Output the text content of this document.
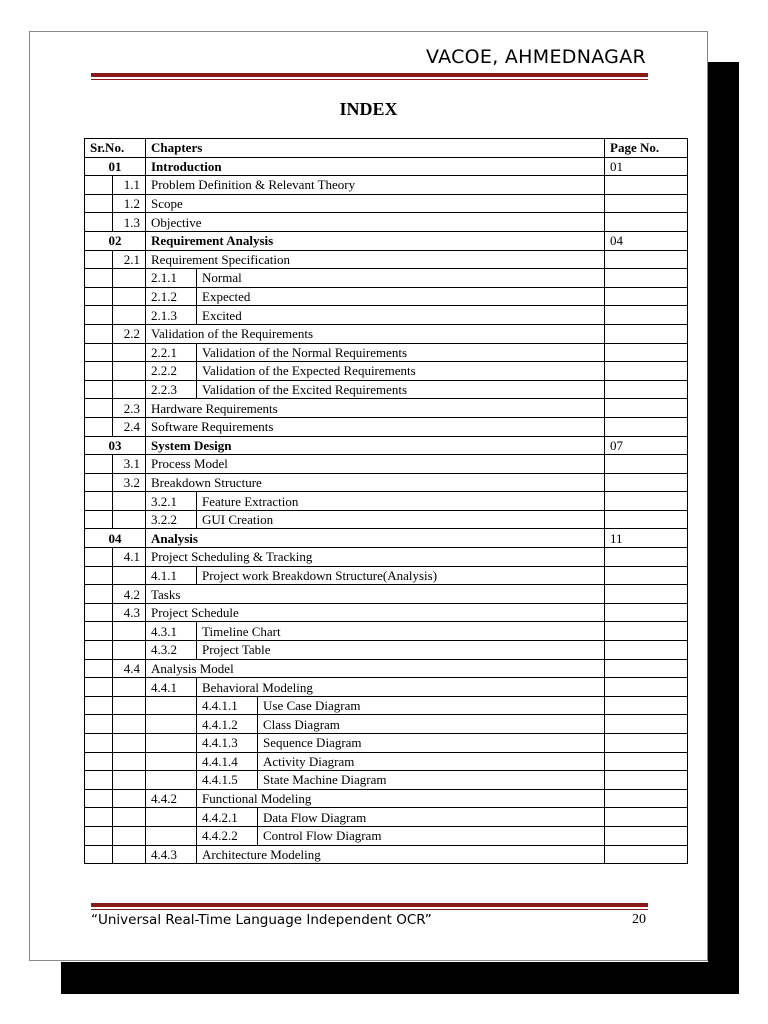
VACOE, AHMEDNAGAR
INDEX
Sr.No.		Chapters			Page No.
01		Introduction			01
	1.1	Problem Definition & Relevant Theory			
	1.2	Scope			
	1.3	Objective			
02		Requirement Analysis			04
	2.1	Requirement Specification			
		2.1.1	Normal		
		2.1.2	Expected		
		2.1.3	Excited		
	2.2	Validation of the Requirements			
		2.2.1	Validation of the Normal Requirements		
		2.2.2	Validation of the Expected Requirements		
		2.2.3	Validation of the Excited Requirements		
	2.3	Hardware Requirements			
	2.4	Software Requirements			
03		System Design			07
	3.1	Process Model			
	3.2	Breakdown Structure			
		3.2.1	Feature Extraction		
		3.2.2	GUI Creation		
04		Analysis			11
	4.1	Project Scheduling & Tracking			
		4.1.1	Project work Breakdown Structure(Analysis)		
	4.2	Tasks			
	4.3	Project Schedule			
		4.3.1	Timeline Chart		
		4.3.2	Project Table		
	4.4	Analysis Model			
		4.4.1	Behavioral Modeling		
			4.4.1.1	Use Case Diagram	
			4.4.1.2	Class Diagram	
			4.4.1.3	Sequence Diagram	
			4.4.1.4	Activity Diagram	
			4.4.1.5	State Machine Diagram	
		4.4.2	Functional Modeling		
			4.4.2.1	Data Flow Diagram	
			4.4.2.2	Control Flow Diagram	
		4.4.3	Architecture Modeling		
“Universal Real-Time Language Independent OCR”	20
